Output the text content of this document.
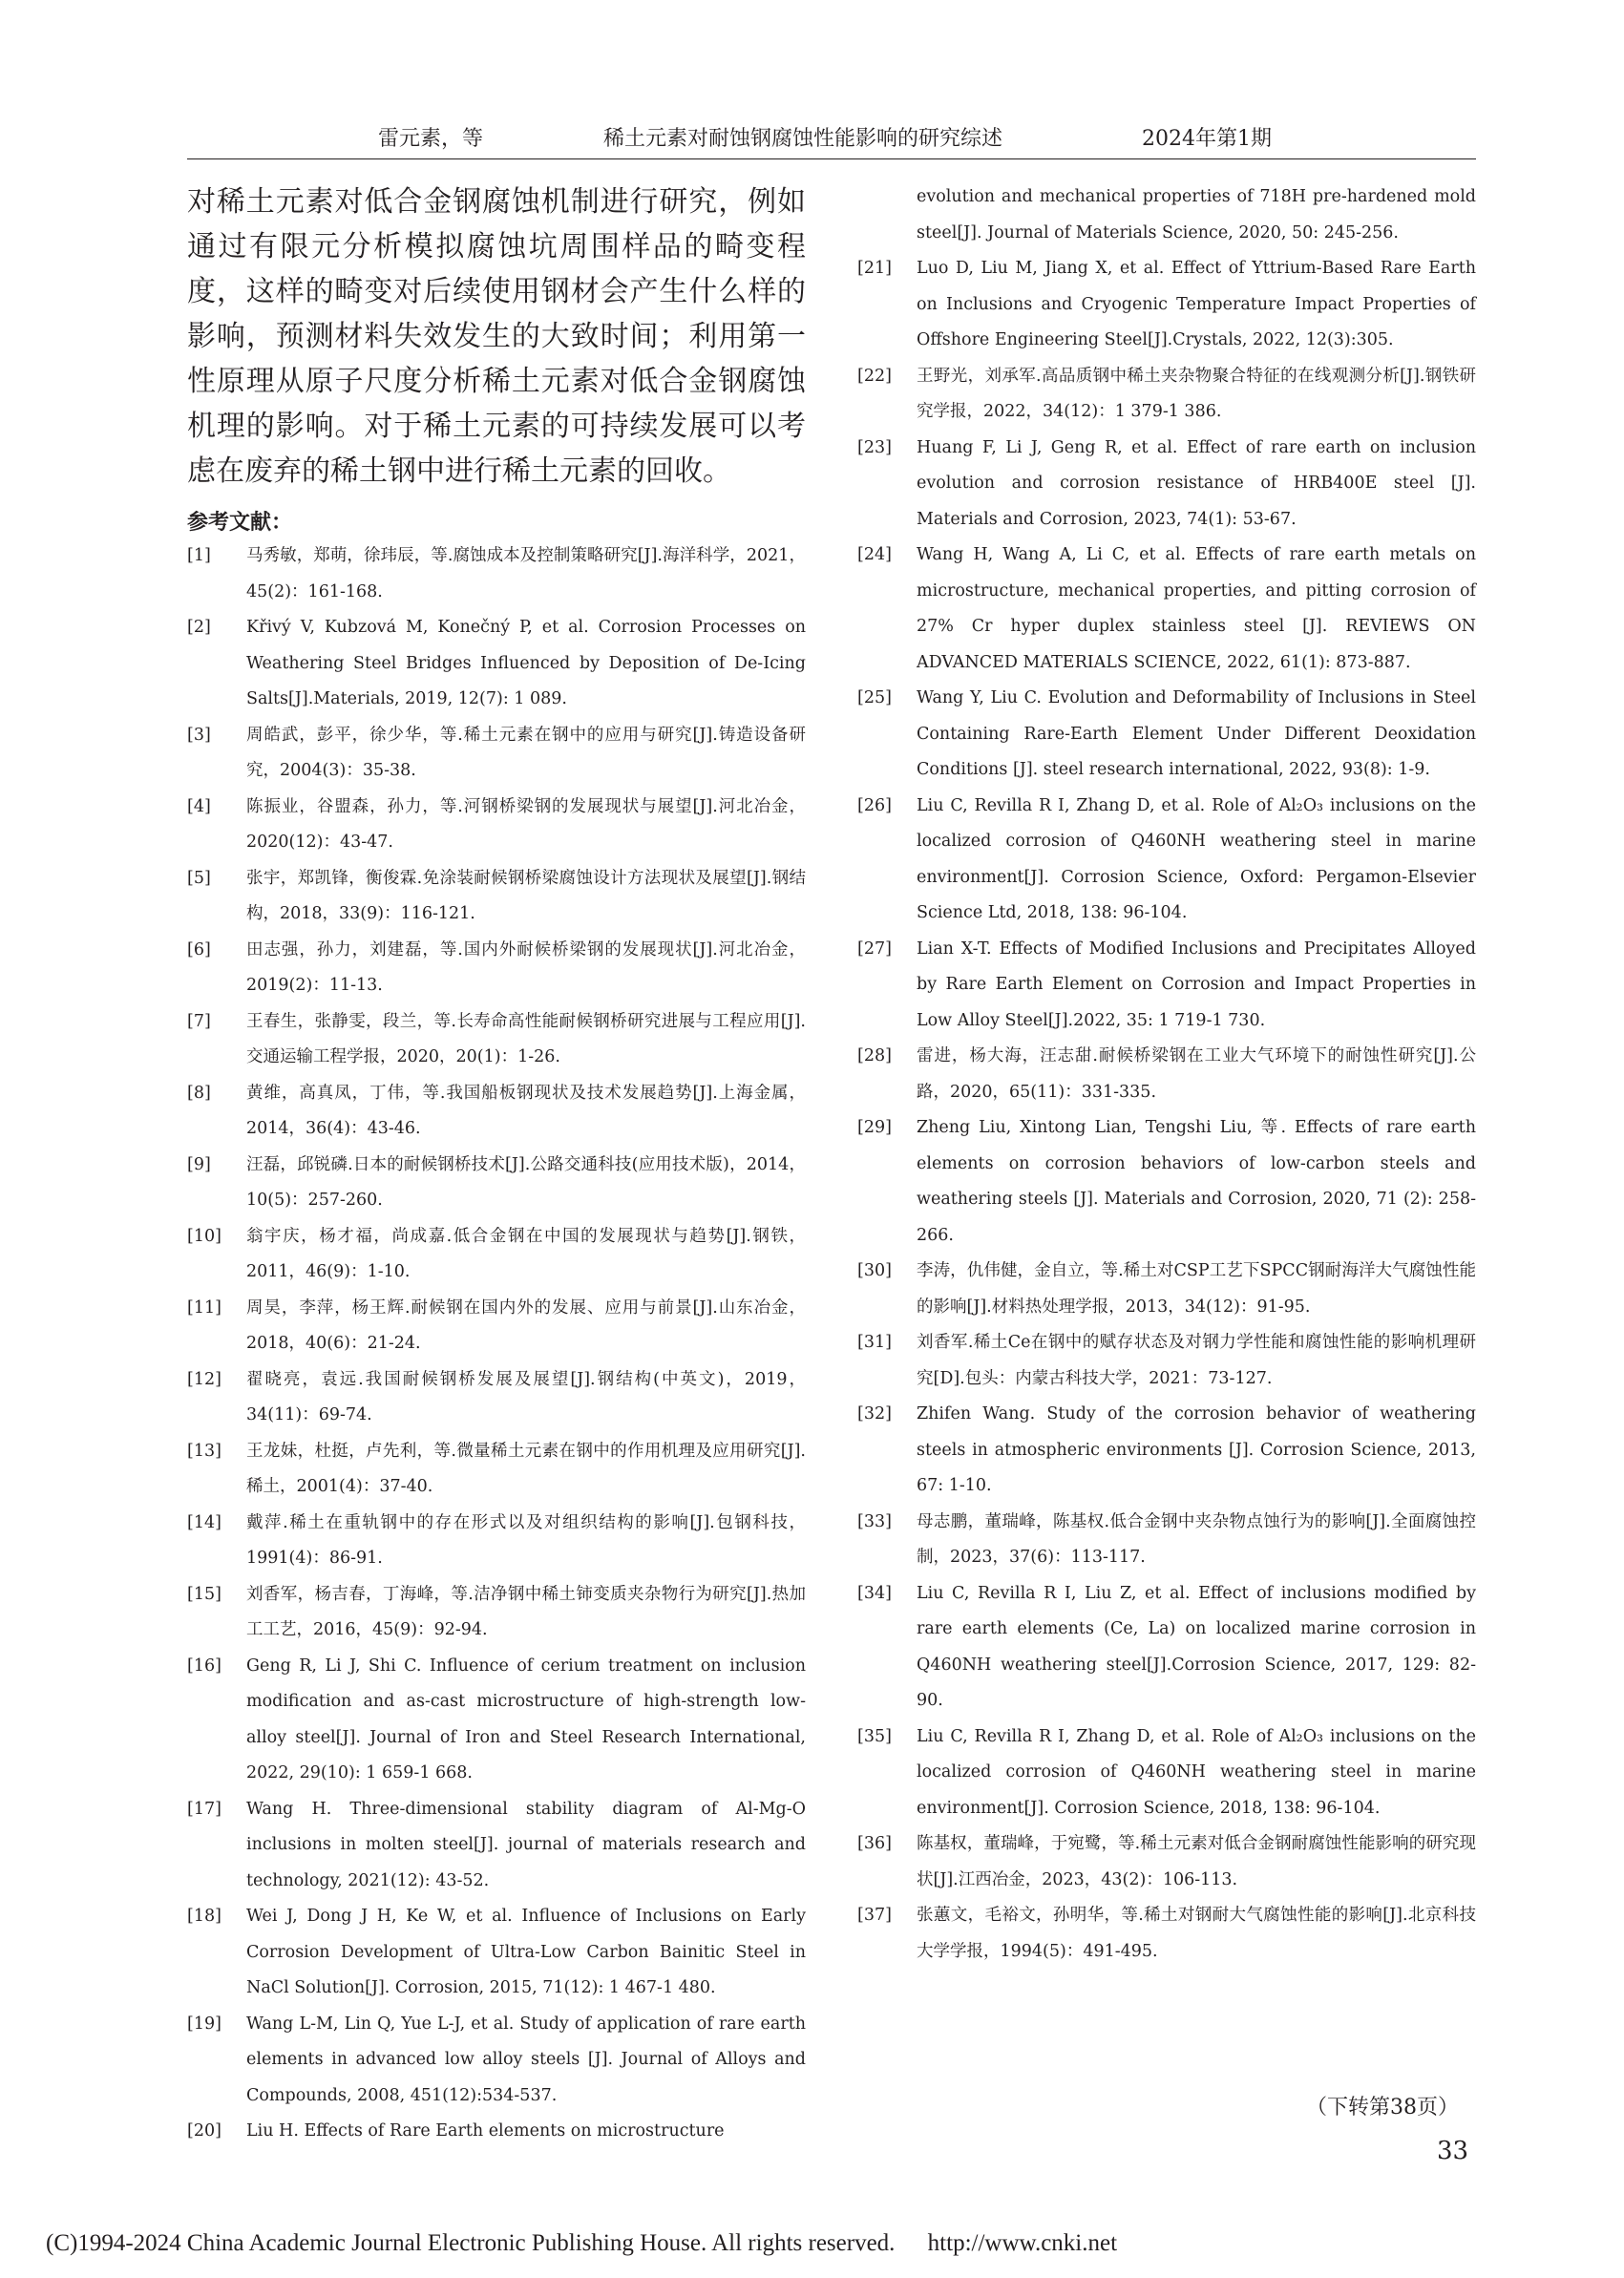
雷元素，等	稀土元素对耐蚀钢腐蚀性能影响的研究综述	2024年第1期

对稀土元素对低合金钢腐蚀机制进行研究，例如通过有限元分析模拟腐蚀坑周围样品的畸变程度，这样的畸变对后续使用钢材会产生什么样的影响，预测材料失效发生的大致时间；利用第一性原理从原子尺度分析稀土元素对低合金钢腐蚀机理的影响。对于稀土元素的可持续发展可以考虑在废弃的稀土钢中进行稀土元素的回收。

参考文献：
[1]	马秀敏，郑萌，徐玮辰，等.腐蚀成本及控制策略研究[J].海洋科学，2021，45(2)：161-168.
[2]	Křivý V, Kubzová M, Konečný P, et al. Corrosion Processes on Weathering Steel Bridges Influenced by Deposition of De-Icing Salts[J].Materials, 2019, 12(7): 1 089.
[3]	周皓武，彭平，徐少华，等.稀土元素在钢中的应用与研究[J].铸造设备研究，2004(3)：35-38.
[4]	陈振业，谷盟森，孙力，等.河钢桥梁钢的发展现状与展望[J].河北冶金，2020(12)：43-47.
[5]	张宇，郑凯锋，衡俊霖.免涂装耐候钢桥梁腐蚀设计方法现状及展望[J].钢结构，2018，33(9)：116-121.
[6]	田志强，孙力，刘建磊，等.国内外耐候桥梁钢的发展现状[J].河北冶金，2019(2)：11-13.
[7]	王春生，张静雯，段兰，等.长寿命高性能耐候钢桥研究进展与工程应用[J].交通运输工程学报，2020，20(1)：1-26.
[8]	黄维，高真凤，丁伟，等.我国船板钢现状及技术发展趋势[J].上海金属，2014，36(4)：43-46.
[9]	汪磊，邱锐磷.日本的耐候钢桥技术[J].公路交通科技(应用技术版)，2014，10(5)：257-260.
[10]	翁宇庆，杨才福，尚成嘉.低合金钢在中国的发展现状与趋势[J].钢铁，2011，46(9)：1-10.
[11]	周昊，李萍，杨王辉.耐候钢在国内外的发展、应用与前景[J].山东冶金，2018，40(6)：21-24.
[12]	翟晓亮，袁远.我国耐候钢桥发展及展望[J].钢结构(中英文)，2019，34(11)：69-74.
[13]	王龙妹，杜挺，卢先利，等.微量稀土元素在钢中的作用机理及应用研究[J].稀土，2001(4)：37-40.
[14]	戴萍.稀土在重轨钢中的存在形式以及对组织结构的影响[J].包钢科技，1991(4)：86-91.
[15]	刘香军，杨吉春，丁海峰，等.洁净钢中稀土铈变质夹杂物行为研究[J].热加工工艺，2016，45(9)：92-94.
[16]	Geng R, Li J, Shi C. Influence of cerium treatment on inclusion modification and as-cast microstructure of high-strength low-alloy steel[J]. Journal of Iron and Steel Research International, 2022, 29(10): 1 659-1 668.
[17]	Wang H. Three-dimensional stability diagram of Al-Mg-O inclusions in molten steel[J]. journal of materials research and technology, 2021(12): 43-52.
[18]	Wei J, Dong J H, Ke W, et al. Influence of Inclusions on Early Corrosion Development of Ultra-Low Carbon Bainitic Steel in NaCl Solution[J]. Corrosion, 2015, 71(12): 1 467-1 480.
[19]	Wang L-M, Lin Q, Yue L-J, et al. Study of application of rare earth elements in advanced low alloy steels [J]. Journal of Alloys and Compounds, 2008, 451(12):534-537.
[20]	Liu H. Effects of Rare Earth elements on microstructure
evolution and mechanical properties of 718H pre-hardened mold steel[J]. Journal of Materials Science, 2020, 50: 245-256.
[21]	Luo D, Liu M, Jiang X, et al. Effect of Yttrium-Based Rare Earth on Inclusions and Cryogenic Temperature Impact Properties of Offshore Engineering Steel[J].Crystals, 2022, 12(3):305.
[22]	王野光，刘承军.高品质钢中稀土夹杂物聚合特征的在线观测分析[J].钢铁研究学报，2022，34(12)：1 379-1 386.
[23]	Huang F, Li J, Geng R, et al. Effect of rare earth on inclusion evolution and corrosion resistance of HRB400E steel [J]. Materials and Corrosion, 2023, 74(1): 53-67.
[24]	Wang H, Wang A, Li C, et al. Effects of rare earth metals on microstructure, mechanical properties, and pitting corrosion of 27% Cr hyper duplex stainless steel [J]. REVIEWS ON ADVANCED MATERIALS SCIENCE, 2022, 61(1): 873-887.
[25]	Wang Y, Liu C. Evolution and Deformability of Inclusions in Steel Containing Rare-Earth Element Under Different Deoxidation Conditions [J]. steel research international, 2022, 93(8): 1-9.
[26]	Liu C, Revilla R I, Zhang D, et al. Role of Al₂O₃ inclusions on the localized corrosion of Q460NH weathering steel in marine environment[J]. Corrosion Science, Oxford: Pergamon-Elsevier Science Ltd, 2018, 138: 96-104.
[27]	Lian X-T. Effects of Modified Inclusions and Precipitates Alloyed by Rare Earth Element on Corrosion and Impact Properties in Low Alloy Steel[J].2022, 35: 1 719-1 730.
[28]	雷进，杨大海，汪志甜.耐候桥梁钢在工业大气环境下的耐蚀性研究[J].公路，2020，65(11)：331-335.
[29]	Zheng Liu, Xintong Lian, Tengshi Liu, 等. Effects of rare earth elements on corrosion behaviors of low-carbon steels and weathering steels [J]. Materials and Corrosion, 2020, 71 (2): 258-266.
[30]	李涛，仇伟健，金自立，等.稀土对CSP工艺下SPCC钢耐海洋大气腐蚀性能的影响[J].材料热处理学报，2013，34(12)：91-95.
[31]	刘香军.稀土Ce在钢中的赋存状态及对钢力学性能和腐蚀性能的影响机理研究[D].包头：内蒙古科技大学，2021：73-127.
[32]	Zhifen Wang. Study of the corrosion behavior of weathering steels in atmospheric environments [J]. Corrosion Science, 2013, 67: 1-10.
[33]	母志鹏，董瑞峰，陈基权.低合金钢中夹杂物点蚀行为的影响[J].全面腐蚀控制，2023，37(6)：113-117.
[34]	Liu C, Revilla R I, Liu Z, et al. Effect of inclusions modified by rare earth elements (Ce, La) on localized marine corrosion in Q460NH weathering steel[J].Corrosion Science, 2017, 129: 82-90.
[35]	Liu C, Revilla R I, Zhang D, et al. Role of Al₂O₃ inclusions on the localized corrosion of Q460NH weathering steel in marine environment[J]. Corrosion Science, 2018, 138: 96-104.
[36]	陈基权，董瑞峰，于宛鹭，等.稀土元素对低合金钢耐腐蚀性能影响的研究现状[J].江西冶金，2023，43(2)：106-113.
[37]	张蕙文，毛裕文，孙明华，等.稀土对钢耐大气腐蚀性能的影响[J].北京科技大学学报，1994(5)：491-495.
（下转第38页）
33
(C)1994-2024 China Academic Journal Electronic Publishing House. All rights reserved. http://www.cnki.net
